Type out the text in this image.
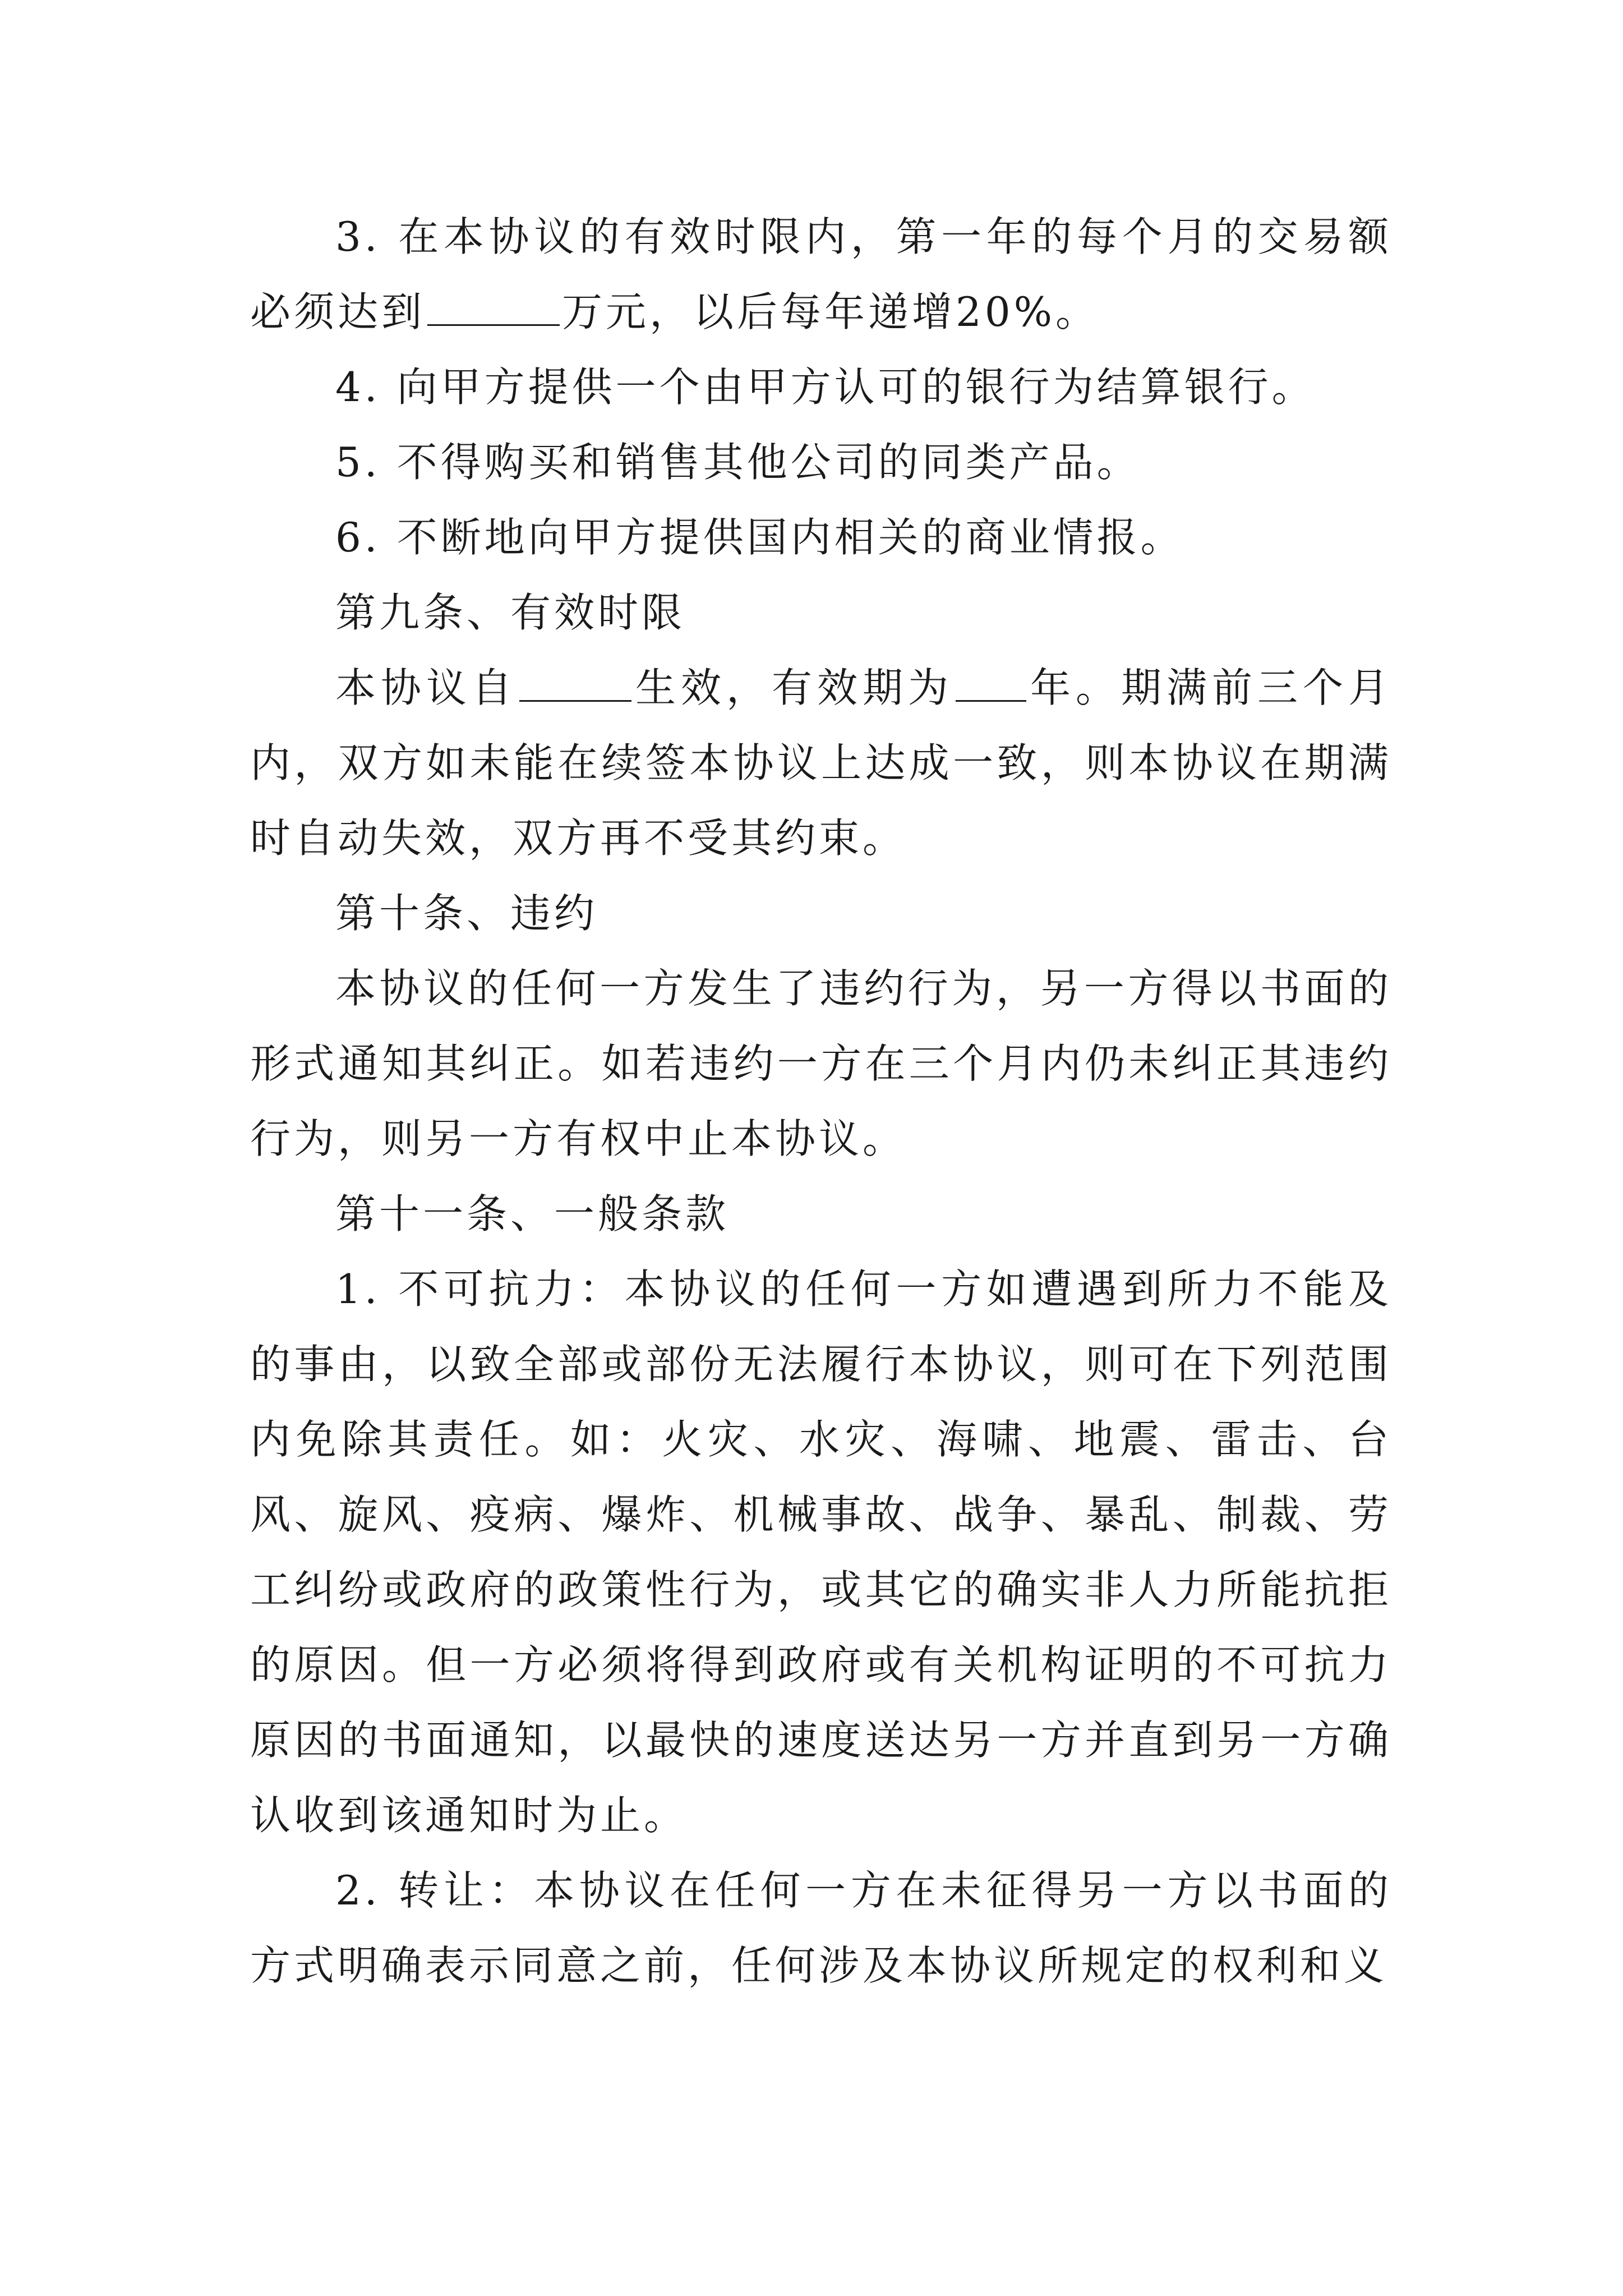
3. 在本协议的有效时限内，第一年的每个月的交易额必须达到	万元，以后每年递增20%。

4. 向甲方提供一个由甲方认可的银行为结算银行。

5. 不得购买和销售其他公司的同类产品。

6. 不断地向甲方提供国内相关的商业情报。

第九条、有效时限

本协议自	生效，有效期为 年。期满前三个月内，双方如未能在续签本协议上达成一致，则本协议在期满时自动失效，双方再不受其约束。

第十条、违约

本协议的任何一方发生了违约行为，另一方得以书面的形式通知其纠正。如若违约一方在三个月内仍未纠正其违约行为，则另一方有权中止本协议。

第十一条、一般条款

1. 不可抗力：本协议的任何一方如遭遇到所力不能及的事由，以致全部或部份无法履行本协议，则可在下列范围内免除其责任。如：火灾、水灾、海啸、地震、雷击、台风、旋风、疫病、爆炸、机械事故、战争、暴乱、制裁、劳工纠纷或政府的政策性行为，或其它的确实非人力所能抗拒的原因。但一方必须将得到政府或有关机构证明的不可抗力原因的书面通知，以最快的速度送达另一方并直到另一方确认收到该通知时为止。

2. 转让：本协议在任何一方在未征得另一方以书面的方式明确表示同意之前，任何涉及本协议所规定的权利和义
